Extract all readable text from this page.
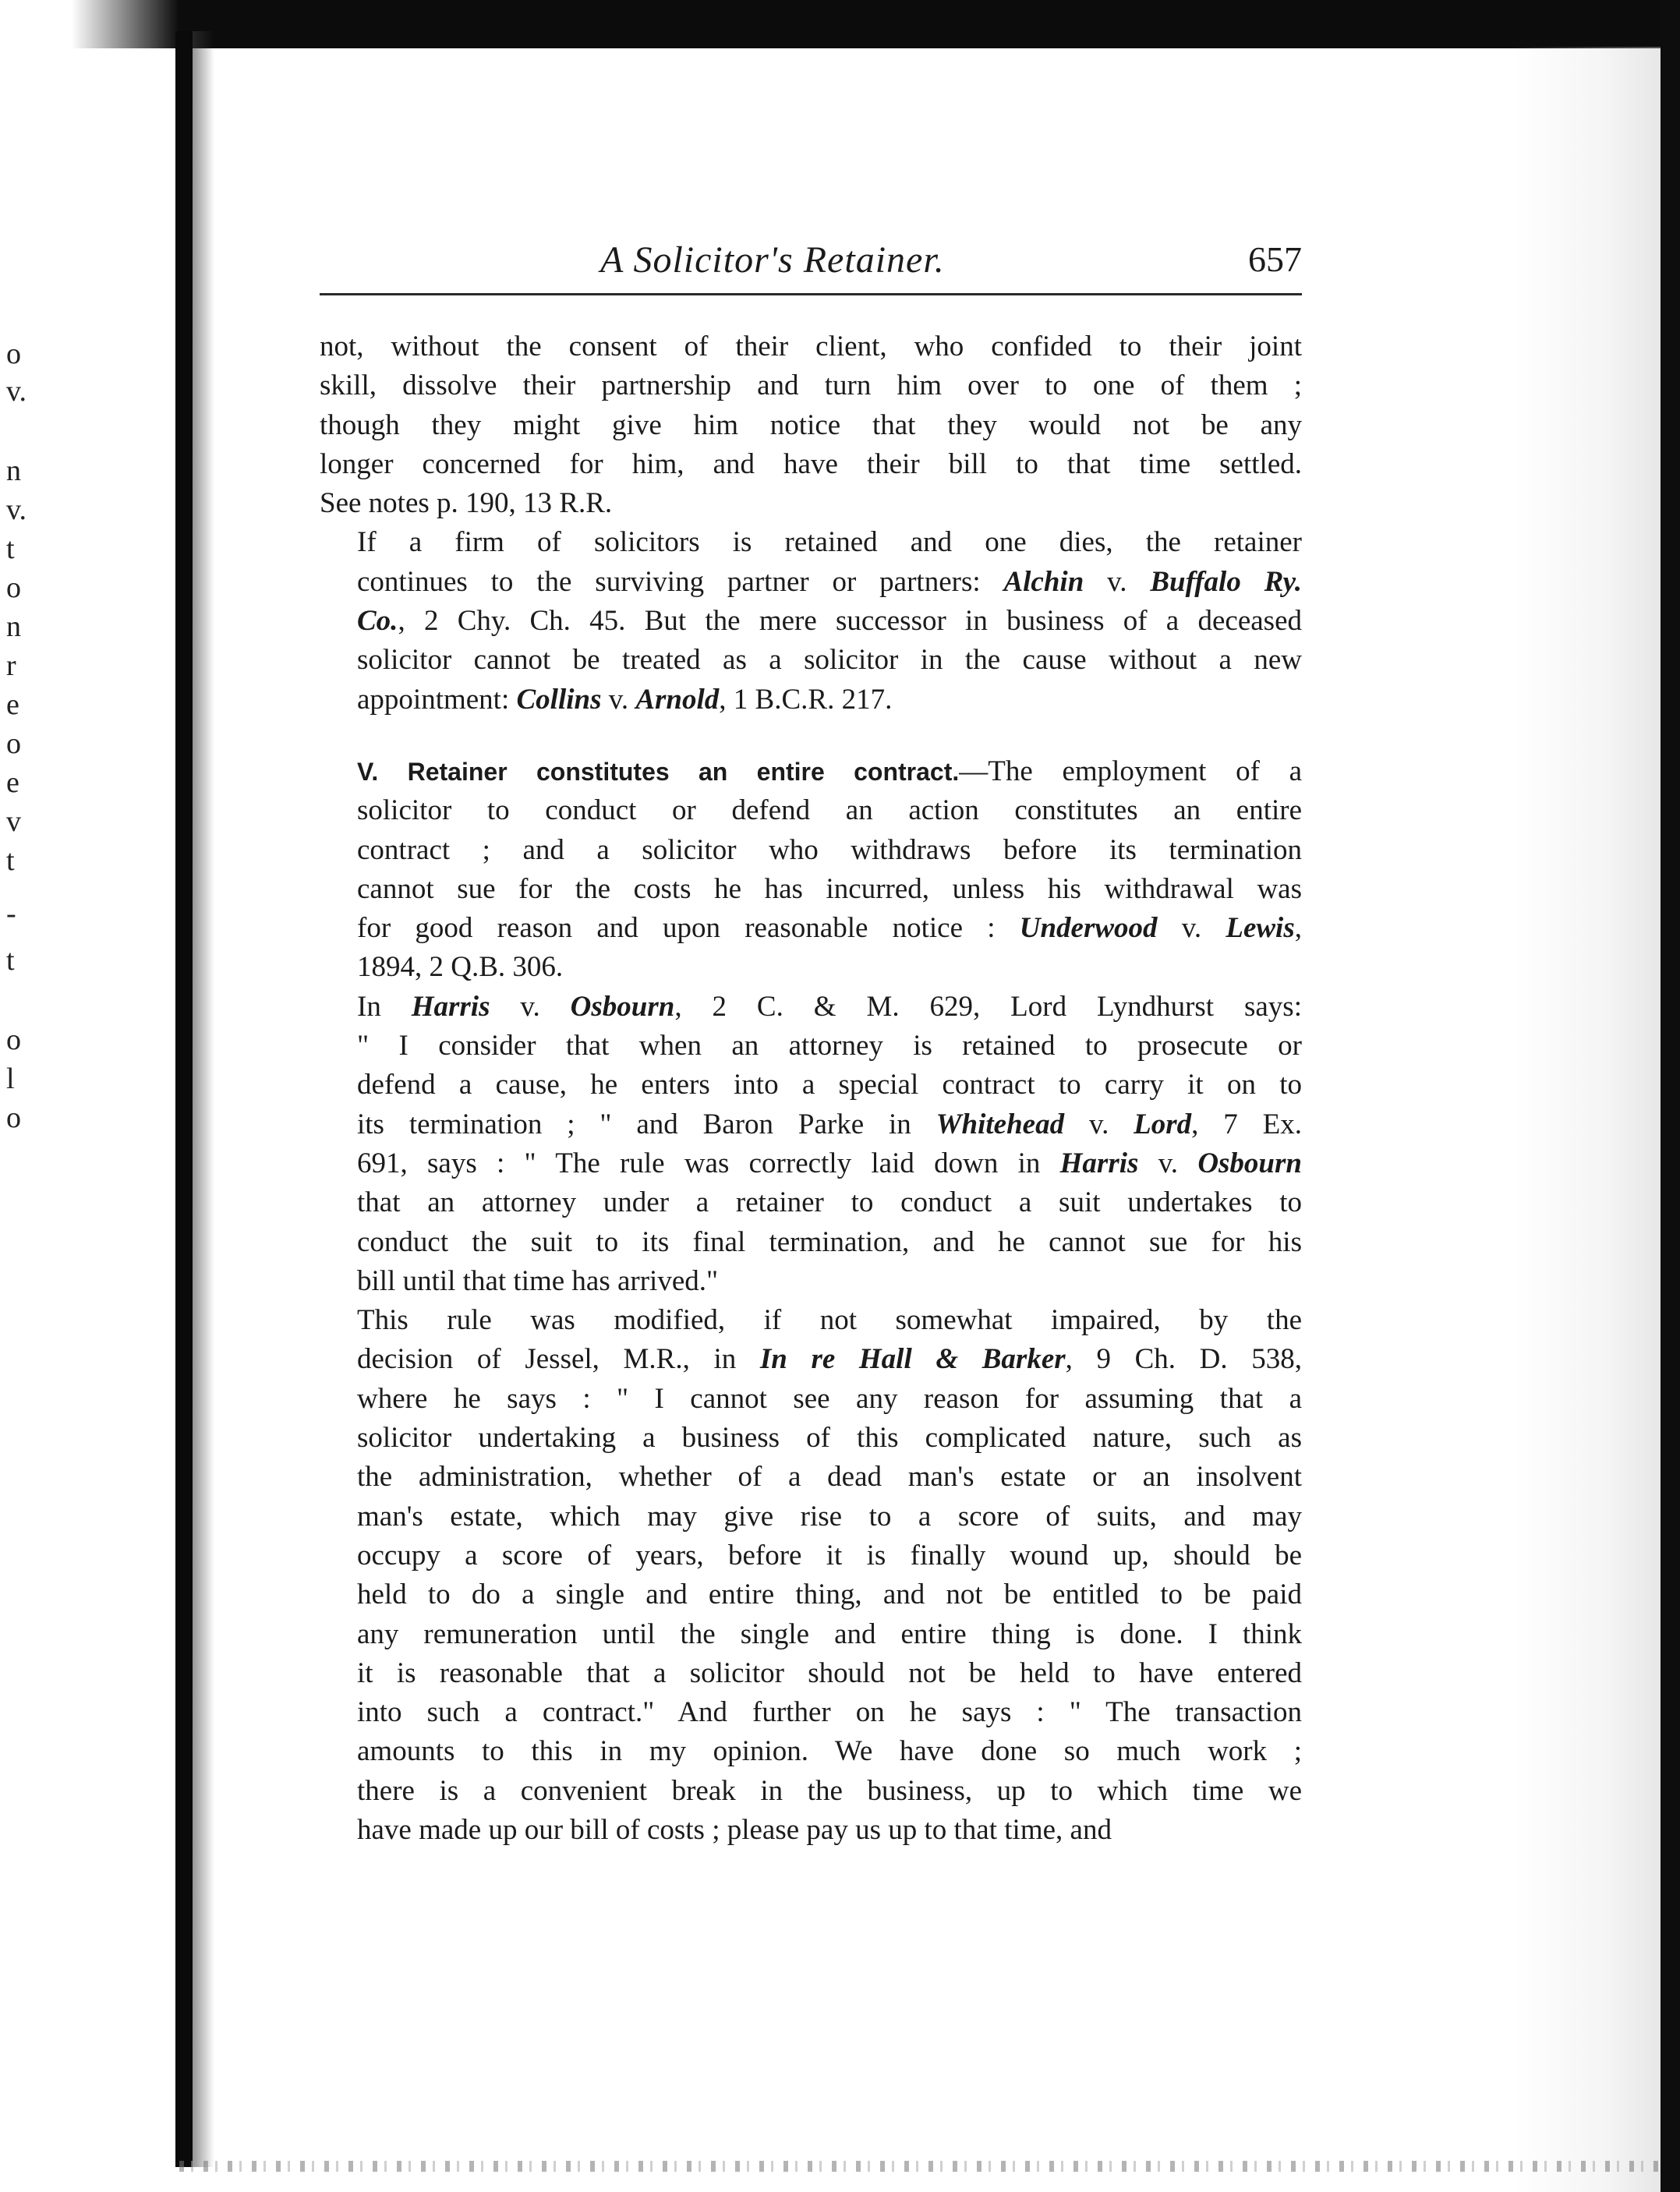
o
v.
n
v.
t
o
n
r
e
o
e
v
t
-
t
o
l
o
A Solicitor's Retainer.	657

not, without the consent of their client, who confided to their joint
skill, dissolve their partnership and turn him over to one of them ;
though they might give him notice that they would not be any
longer concerned for him, and have their bill to that time settled.
See notes p. 190, 13 R.R.

If a firm of solicitors is retained and one dies, the retainer
continues to the surviving partner or partners: Alchin v. Buffalo Ry.
Co., 2 Chy. Ch. 45. But the mere successor in business of a deceased
solicitor cannot be treated as a solicitor in the cause without a new
appointment: Collins v. Arnold, 1 B.C.R. 217.

V. Retainer constitutes an entire contract.—The employment of a
solicitor to conduct or defend an action constitutes an entire
contract ; and a solicitor who withdraws before its termination
cannot sue for the costs he has incurred, unless his withdrawal was
for good reason and upon reasonable notice : Underwood v. Lewis,
1894, 2 Q.B. 306.

In Harris v. Osbourn, 2 C. & M. 629, Lord Lyndhurst says:
" I consider that when an attorney is retained to prosecute or
defend a cause, he enters into a special contract to carry it on to
its termination ; " and Baron Parke in Whitehead v. Lord, 7 Ex.
691, says : " The rule was correctly laid down in Harris v. Osbourn
that an attorney under a retainer to conduct a suit undertakes to
conduct the suit to its final termination, and he cannot sue for his
bill until that time has arrived."

This rule was modified, if not somewhat impaired, by the
decision of Jessel, M.R., in In re Hall & Barker, 9 Ch. D. 538,
where he says : " I cannot see any reason for assuming that a
solicitor undertaking a business of this complicated nature, such as
the administration, whether of a dead man's estate or an insolvent
man's estate, which may give rise to a score of suits, and may
occupy a score of years, before it is finally wound up, should be
held to do a single and entire thing, and not be entitled to be paid
any remuneration until the single and entire thing is done. I think
it is reasonable that a solicitor should not be held to have entered
into such a contract." And further on he says : " The transaction
amounts to this in my opinion. We have done so much work ;
there is a convenient break in the business, up to which time we
have made up our bill of costs ; please pay us up to that time, and
